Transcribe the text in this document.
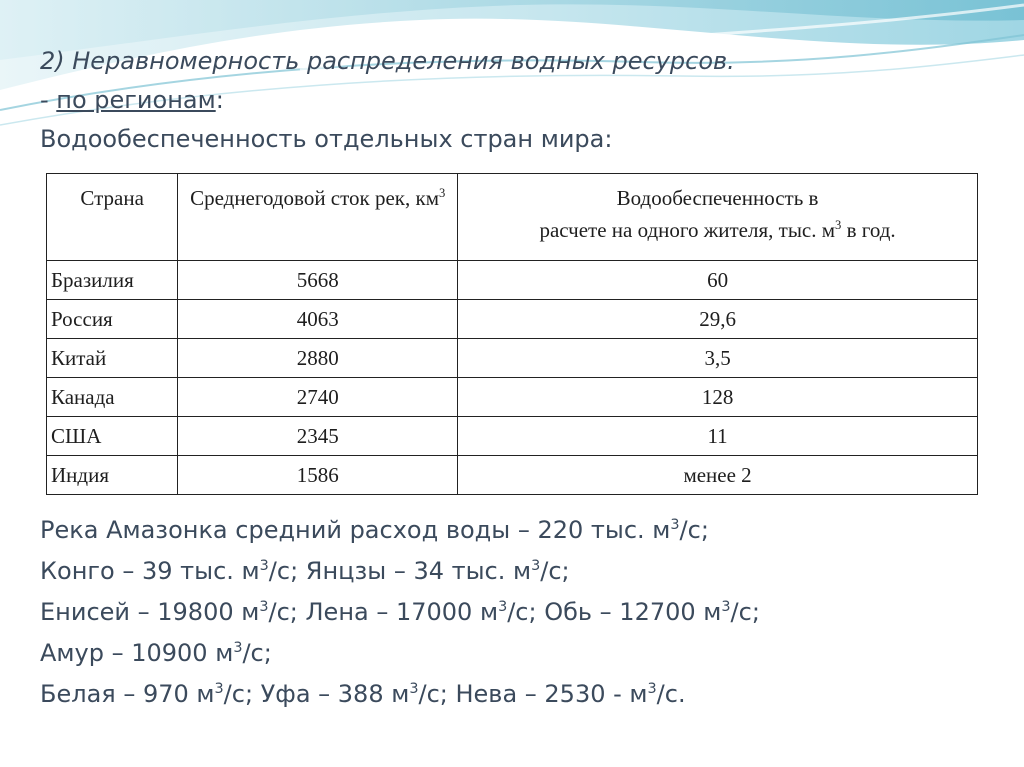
2) Неравномерность распределения водных ресурсов.
- по регионам:
Водообеспеченность отдельных стран мира:
Страна	Среднегодовой сток рек, $км^3$	Водообеспеченность в
расчете на одного жителя, тыс. $м^3$ в год.
Бразилия	5668	60
Россия	4063	29,6
Китай	2880	3,5
Канада	2740	128
США	2345	11
Индия	1586	менее 2
Река Амазонка средний расход воды – 220 тыс. $м^3/с$;
Конго – 39 тыс. $м^3/с$; Янцзы – 34 тыс. $м^3/с$;
Енисей – 19800 $м^3/с$; Лена – 17000 $м^3/с$; Обь – 12700 $м^3/с$;
Амур – 10900 $м^3/с$;
Белая – 970 $м^3/с$; Уфа – 388 $м^3/с$; Нева – $2530 - м^3/с$.
